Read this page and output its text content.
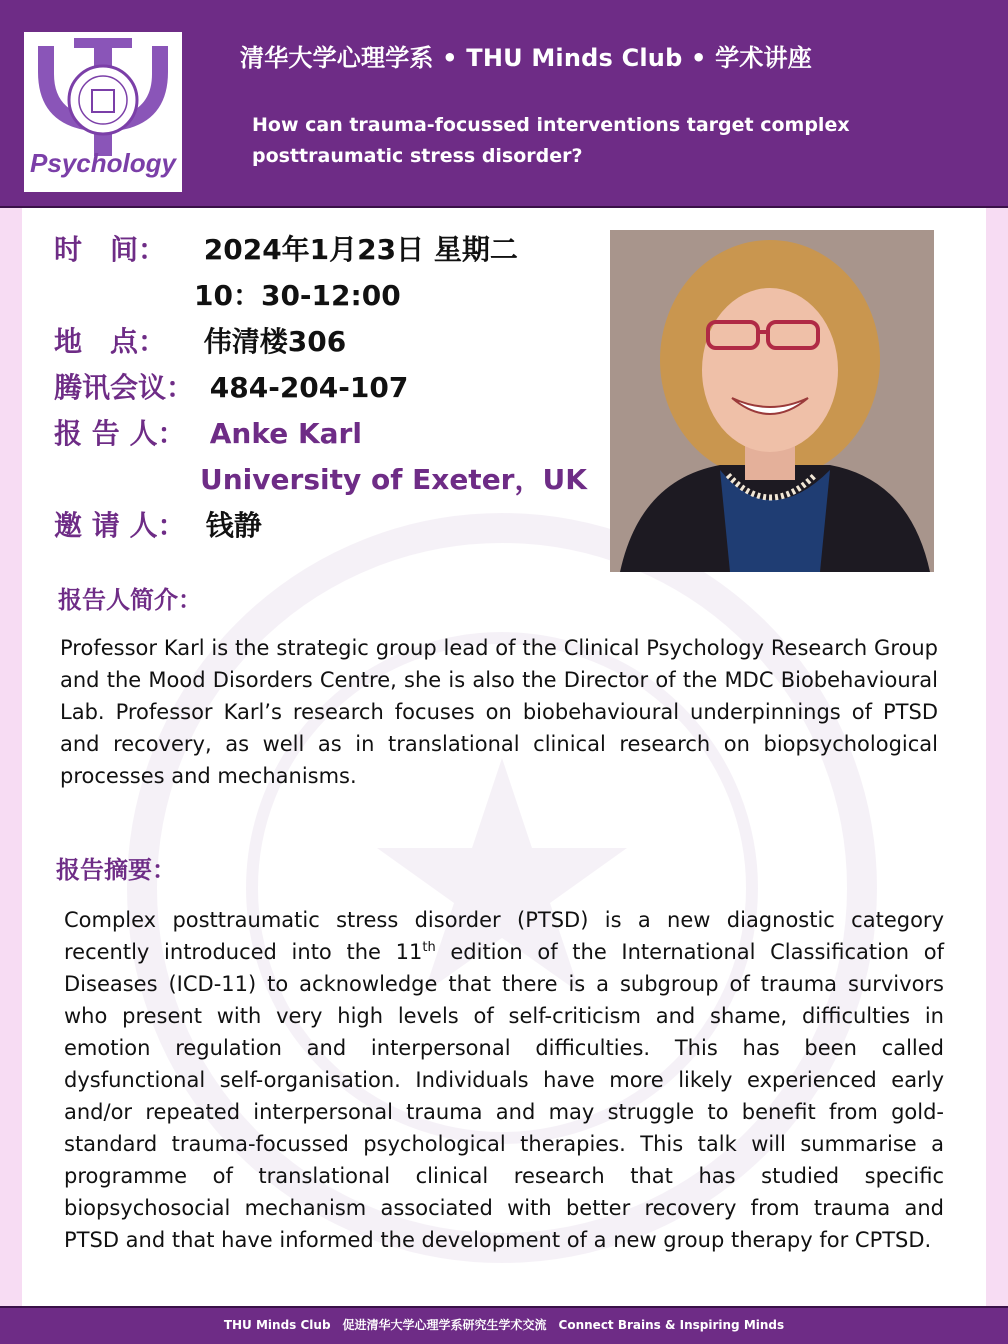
Psychology
清华大学心理学系 • THU Minds Club • 学术讲座
How can trauma-focussed interventions target complex posttraumatic stress disorder?
时　间： 2024年1月23日 星期二
10：30-12:00
地　点： 伟清楼306
腾讯会议： 484-204-107
报 告 人： Anke Karl
University of Exeter，UK
邀 请 人： 钱静
报告人简介：
Professor Karl is the strategic group lead of the Clinical Psychology Research Group and the Mood Disorders Centre, she is also the Director of the MDC Biobehavioural Lab. Professor Karl’s research focuses on biobehavioural underpinnings of PTSD and recovery, as well as in translational clinical research on biopsychological processes and mechanisms.
报告摘要：
Complex posttraumatic stress disorder (PTSD) is a new diagnostic category recently introduced into the 11th edition of the International Classification of Diseases (ICD-11) to acknowledge that there is a subgroup of trauma survivors who present with very high levels of self-criticism and shame, difficulties in emotion regulation and interpersonal difficulties. This has been called dysfunctional self-organisation. Individuals have more likely experienced early and/or repeated interpersonal trauma and may struggle to benefit from gold-standard trauma-focussed psychological therapies. This talk will summarise a programme of translational clinical research that has studied specific biopsychosocial mechanism associated with better recovery from trauma and PTSD and that have informed the development of a new group therapy for CPTSD.
THU Minds Club　促进清华大学心理学系研究生学术交流　Connect Brains & Inspiring Minds
